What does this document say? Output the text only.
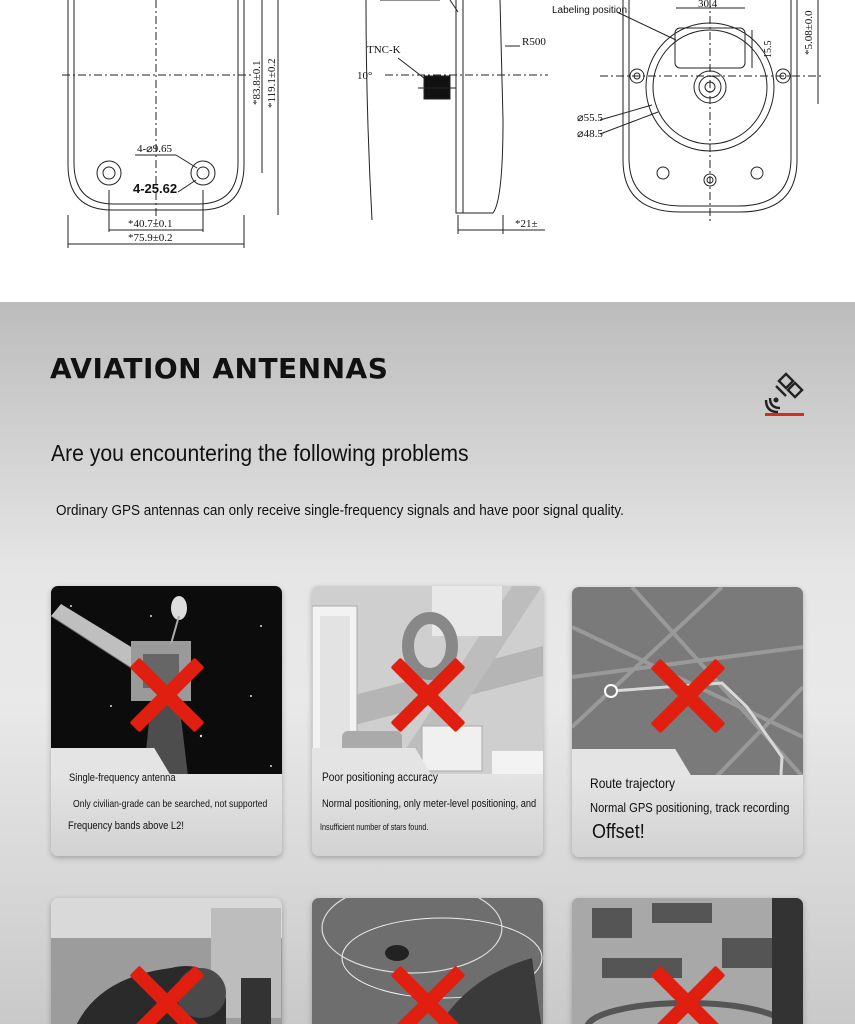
Labeling position
30.4
15.5	*5.08±0.0
TNC-K
10°
R500
4-⌀9.65
4-25.62
*83.8±0.1 *119.1±0.2
*40.7±0.1
*75.9±0.2
*21±
⌀55.5
⌀48.5
AVIATION ANTENNAS
Are you encountering the following problems
Ordinary GPS antennas can only receive single-frequency signals and have poor signal quality.
Single-frequency antenna
Only civilian-grade can be searched, not supported
Frequency bands above L2!
Poor positioning accuracy
Normal positioning, only meter-level positioning, and
Insufficient number of stars found.
Route trajectory
Normal GPS positioning, track recording
Offset!
